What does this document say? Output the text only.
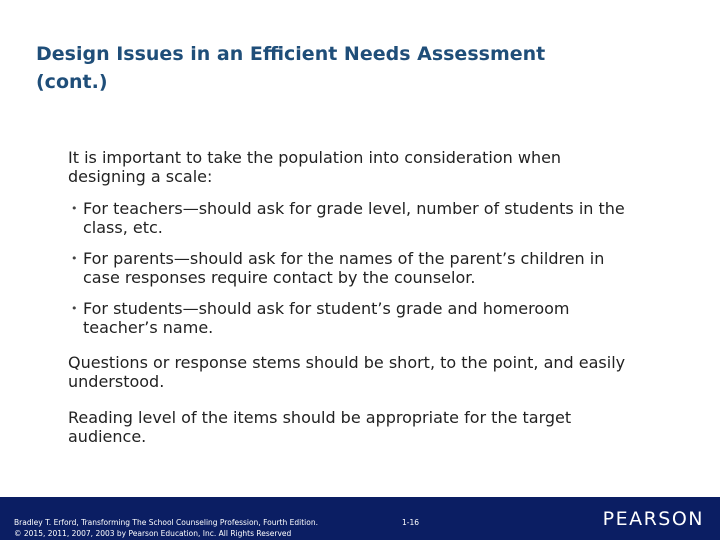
Design Issues in an Efficient Needs Assessment
(cont.)
It is important to take the population into consideration when
designing a scale:
• For teachers—should ask for grade level, number of students in the
class, etc.
• For parents—should ask for the names of the parent’s children in
case responses require contact by the counselor.
• For students—should ask for student’s grade and homeroom
teacher’s name.
Questions or response stems should be short, to the point, and easily
understood.
Reading level of the items should be appropriate for the target
audience.
Bradley T. Erford, Transforming The School Counseling Profession, Fourth Edition.
© 2015, 2011, 2007, 2003 by Pearson Education, Inc. All Rights Reserved
1-16	PEARSON
